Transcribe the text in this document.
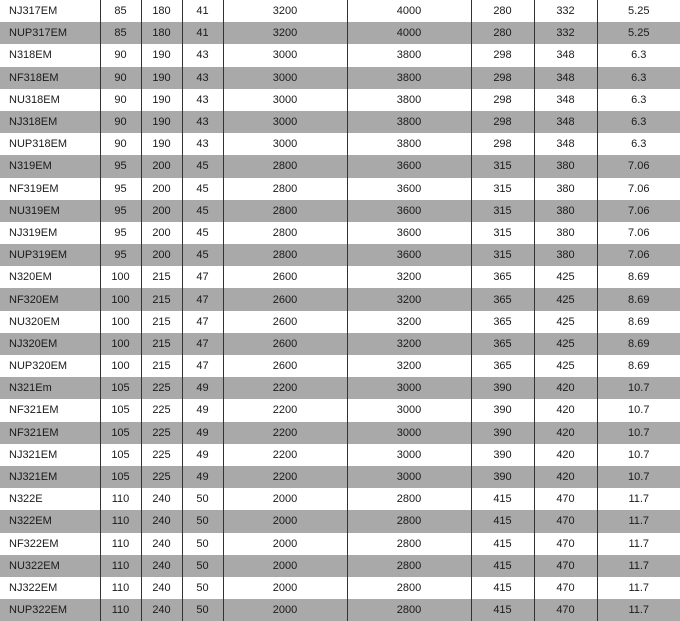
NJ317EM	85	180	41	3200	4000	280	332	5.25
NUP317EM	85	180	41	3200	4000	280	332	5.25
N318EM	90	190	43	3000	3800	298	348	6.3
NF318EM	90	190	43	3000	3800	298	348	6.3
NU318EM	90	190	43	3000	3800	298	348	6.3
NJ318EM	90	190	43	3000	3800	298	348	6.3
NUP318EM	90	190	43	3000	3800	298	348	6.3
N319EM	95	200	45	2800	3600	315	380	7.06
NF319EM	95	200	45	2800	3600	315	380	7.06
NU319EM	95	200	45	2800	3600	315	380	7.06
NJ319EM	95	200	45	2800	3600	315	380	7.06
NUP319EM	95	200	45	2800	3600	315	380	7.06
N320EM	100	215	47	2600	3200	365	425	8.69
NF320EM	100	215	47	2600	3200	365	425	8.69
NU320EM	100	215	47	2600	3200	365	425	8.69
NJ320EM	100	215	47	2600	3200	365	425	8.69
NUP320EM	100	215	47	2600	3200	365	425	8.69
N321Em	105	225	49	2200	3000	390	420	10.7
NF321EM	105	225	49	2200	3000	390	420	10.7
NF321EM	105	225	49	2200	3000	390	420	10.7
NJ321EM	105	225	49	2200	3000	390	420	10.7
NJ321EM	105	225	49	2200	3000	390	420	10.7
N322E	110	240	50	2000	2800	415	470	11.7
N322EM	110	240	50	2000	2800	415	470	11.7
NF322EM	110	240	50	2000	2800	415	470	11.7
NU322EM	110	240	50	2000	2800	415	470	11.7
NJ322EM	110	240	50	2000	2800	415	470	11.7
NUP322EM	110	240	50	2000	2800	415	470	11.7
